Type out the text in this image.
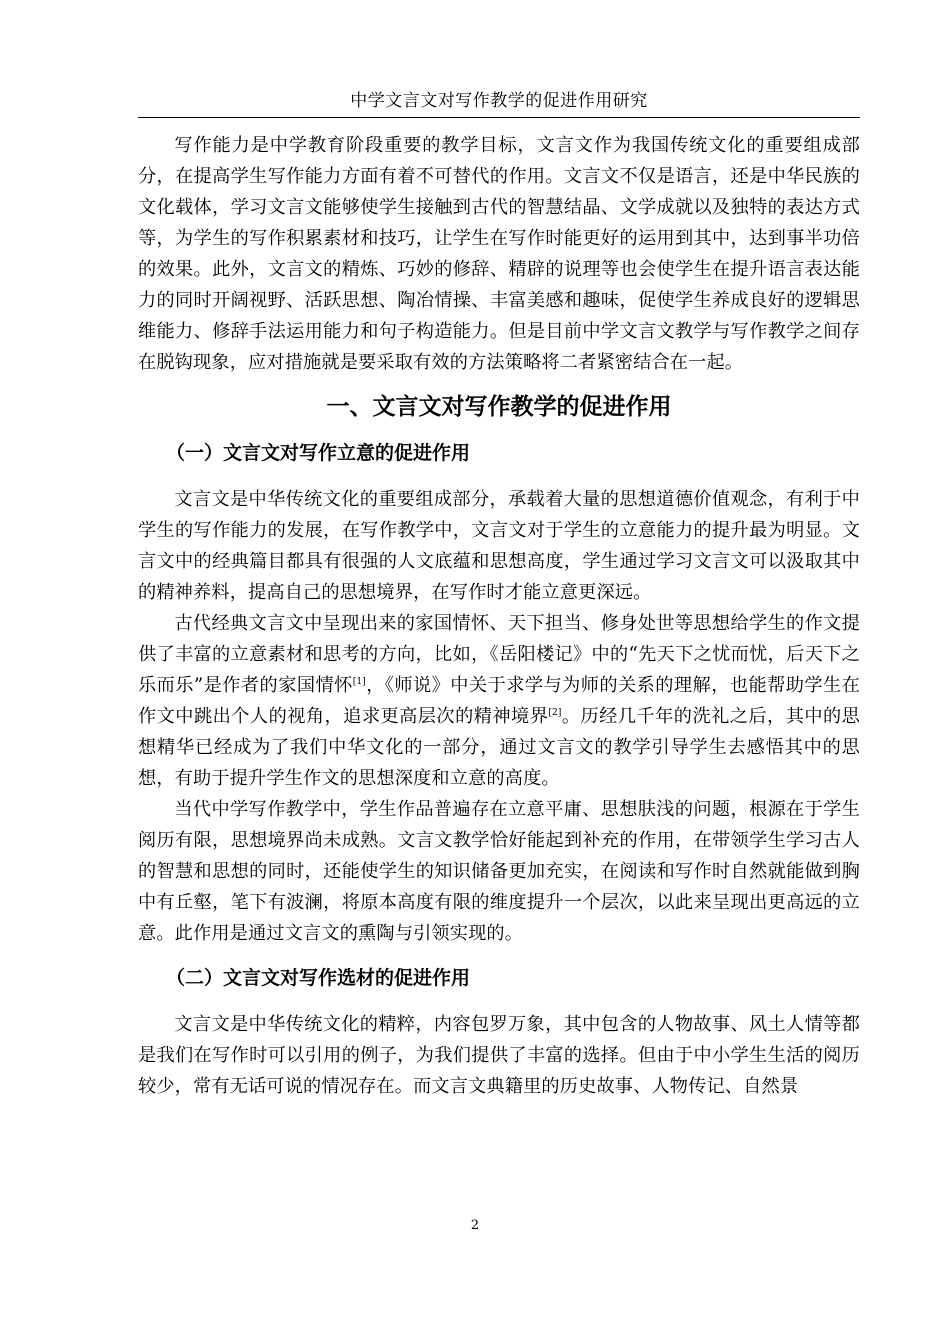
中学文言文对写作教学的促进作用研究

写作能力是中学教育阶段重要的教学目标，文言文作为我国传统文化的重要组成部分，在提高学生写作能力方面有着不可替代的作用。文言文不仅是语言，还是中华民族的文化载体，学习文言文能够使学生接触到古代的智慧结晶、文学成就以及独特的表达方式等，为学生的写作积累素材和技巧，让学生在写作时能更好的运用到其中，达到事半功倍的效果。此外，文言文的精炼、巧妙的修辞、精辟的说理等也会使学生在提升语言表达能力的同时开阔视野、活跃思想、陶冶情操、丰富美感和趣味，促使学生养成良好的逻辑思维能力、修辞手法运用能力和句子构造能力。但是目前中学文言文教学与写作教学之间存在脱钩现象，应对措施就是要采取有效的方法策略将二者紧密结合在一起。

一、文言文对写作教学的促进作用
（一）文言文对写作立意的促进作用

文言文是中华传统文化的重要组成部分，承载着大量的思想道德价值观念，有利于中学生的写作能力的发展，在写作教学中，文言文对于学生的立意能力的提升最为明显。文言文中的经典篇目都具有很强的人文底蕴和思想高度，学生通过学习文言文可以汲取其中的精神养料，提高自己的思想境界，在写作时才能立意更深远。

古代经典文言文中呈现出来的家国情怀、天下担当、修身处世等思想给学生的作文提供了丰富的立意素材和思考的方向，比如，《岳阳楼记》中的“先天下之忧而忧，后天下之乐而乐”是作者的家国情怀[1]，《师说》中关于求学与为师的关系的理解，也能帮助学生在作文中跳出个人的视角，追求更高层次的精神境界[2]。历经几千年的洗礼之后，其中的思想精华已经成为了我们中华文化的一部分，通过文言文的教学引导学生去感悟其中的思想，有助于提升学生作文的思想深度和立意的高度。

当代中学写作教学中，学生作品普遍存在立意平庸、思想肤浅的问题，根源在于学生阅历有限，思想境界尚未成熟。文言文教学恰好能起到补充的作用，在带领学生学习古人的智慧和思想的同时，还能使学生的知识储备更加充实，在阅读和写作时自然就能做到胸中有丘壑，笔下有波澜，将原本高度有限的维度提升一个层次，以此来呈现出更高远的立意。此作用是通过文言文的熏陶与引领实现的。

（二）文言文对写作选材的促进作用

文言文是中华传统文化的精粹，内容包罗万象，其中包含的人物故事、风土人情等都是我们在写作时可以引用的例子，为我们提供了丰富的选择。但由于中小学生生活的阅历较少，常有无话可说的情况存在。而文言文典籍里的历史故事、人物传记、自然景

2
